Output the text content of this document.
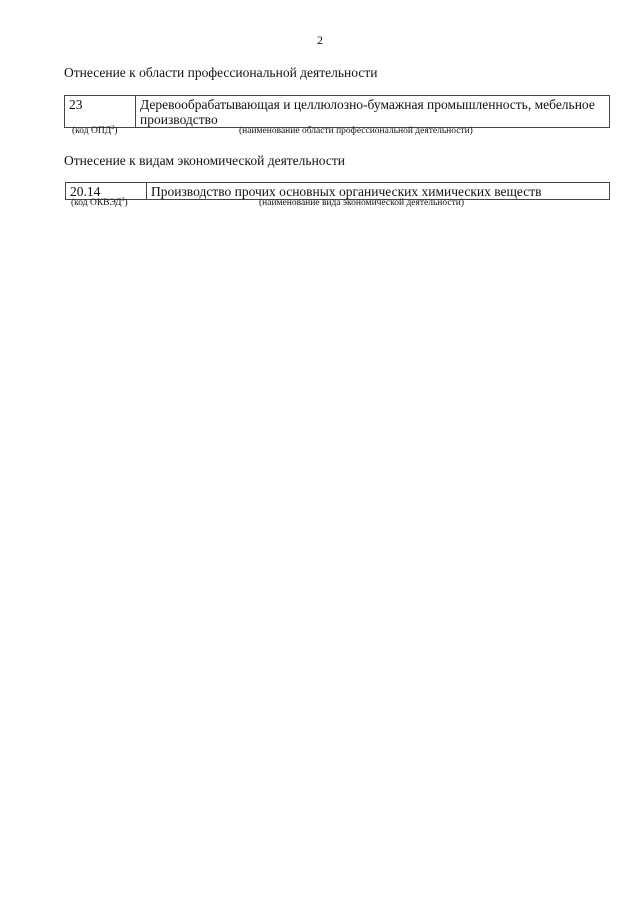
2
Отнесение к области профессиональной деятельности
23	Деревообрабатывающая и целлюлозно-бумажная промышленность, мебельное производство
(код ОПД$^2$)	(наименование области профессиональной деятельности)
Отнесение к видам экономической деятельности
20.14	Производство прочих основных органических химических веществ
(код ОКВЭД$^3$)	(наименование вида экономической деятельности)
